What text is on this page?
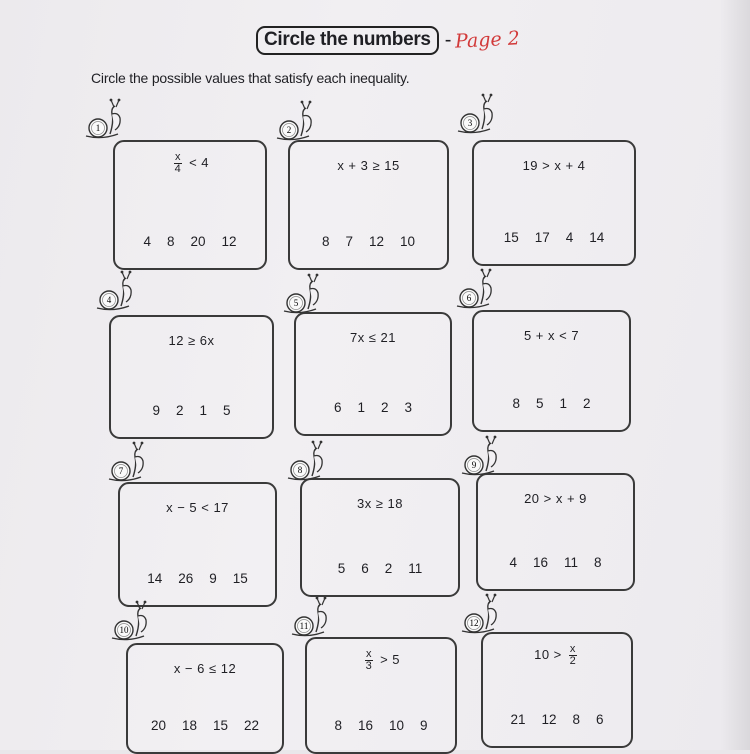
Circle the numbers - Page 2
Circle the possible values that satisfy each inequality.
$\frac{x}{4} < 4$
4 8 20 12
1
x + 3 ≥ 15
8 7 12 10
2
19 > x + 4
15 17 4 14
3
12 ≥ 6x
9 2 1 5
4
7x ≤ 21
6 1 2 3
5
5 + x < 7
8 5 1 2
6
x − 5 < 17
14 26 9 15
7
3x ≥ 18
5 6 2 11
8
20 > x + 9
4 16 11 8
9
x − 6 ≤ 12
20 18 15 22
10
$\frac{x}{3} > 5$
8 16 10 9
11
$10 > \frac{x}{2}$
21 12 8 6
12
